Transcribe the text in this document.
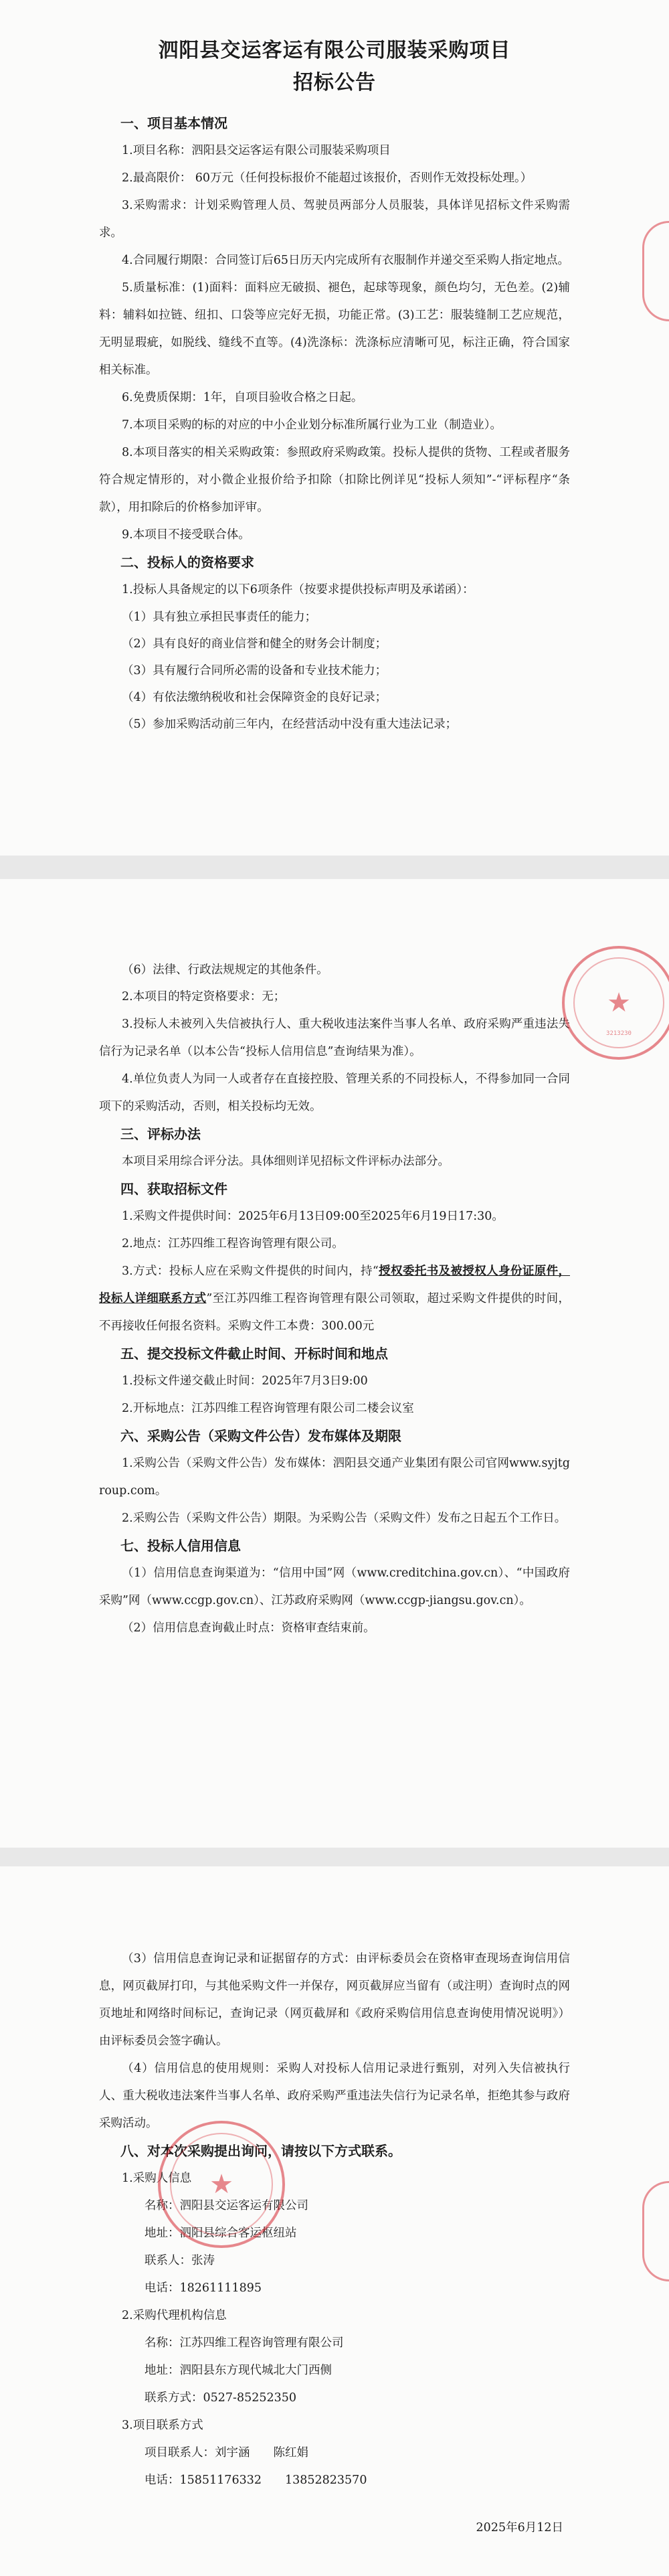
泗阳县交运客运有限公司服装采购项目
招标公告
一、项目基本情况

1.项目名称：泗阳县交运客运有限公司服装采购项目

2.最高限价： 60万元（任何投标报价不能超过该报价，否则作无效投标处理。）

3.采购需求：计划采购管理人员、驾驶员两部分人员服装，具体详见招标文件采购需求。

4.合同履行期限：合同签订后65日历天内完成所有衣服制作并递交至采购人指定地点。

5.质量标准：(1)面料：面料应无破损、褪色，起球等现象，颜色均匀，无色差。(2)辅料：辅料如拉链、纽扣、口袋等应完好无损，功能正常。(3)工艺：服装缝制工艺应规范，无明显瑕疵，如脱线、缝线不直等。(4)洗涤标：洗涤标应清晰可见，标注正确，符合国家相关标准。

6.免费质保期：1年，自项目验收合格之日起。

7.本项目采购的标的对应的中小企业划分标准所属行业为工业（制造业）。

8.本项目落实的相关采购政策：参照政府采购政策。投标人提供的货物、工程或者服务符合规定情形的，对小微企业报价给予扣除（扣除比例详见“投标人须知”-“评标程序“条款），用扣除后的价格参加评审。

9.本项目不接受联合体。

二、投标人的资格要求

1.投标人具备规定的以下6项条件（按要求提供投标声明及承诺函）：

（1）具有独立承担民事责任的能力；

（2）具有良好的商业信誉和健全的财务会计制度；

（3）具有履行合同所必需的设备和专业技术能力；

（4）有依法缴纳税收和社会保障资金的良好记录；

（5）参加采购活动前三年内，在经营活动中没有重大违法记录；

（6）法律、行政法规规定的其他条件。

2.本项目的特定资格要求：无；

3.投标人未被列入失信被执行人、重大税收违法案件当事人名单、政府采购严重违法失信行为记录名单（以本公告“投标人信用信息”查询结果为准）。

4.单位负责人为同一人或者存在直接控股、管理关系的不同投标人，不得参加同一合同项下的采购活动，否则，相关投标均无效。

三、评标办法

本项目采用综合评分法。具体细则详见招标文件评标办法部分。

四、获取招标文件

1.采购文件提供时间：2025年6月13日09:00至2025年6月19日17:30。

2.地点：江苏四维工程咨询管理有限公司。

3.方式：投标人应在采购文件提供的时间内，持“授权委托书及被授权人身份证原件，投标人详细联系方式”至江苏四维工程咨询管理有限公司领取，超过采购文件提供的时间，不再接收任何报名资料。采购文件工本费：300.00元

五、提交投标文件截止时间、开标时间和地点

1.投标文件递交截止时间：2025年7月3日9:00

2.开标地点：江苏四维工程咨询管理有限公司二楼会议室

六、采购公告（采购文件公告）发布媒体及期限

1.采购公告（采购文件公告）发布媒体：泗阳县交通产业集团有限公司官网www.syjtgroup.com。

2.采购公告（采购文件公告）期限。为采购公告（采购文件）发布之日起五个工作日。

七、投标人信用信息

（1）信用信息查询渠道为：“信用中国”网（www.creditchina.gov.cn）、“中国政府采购”网（www.ccgp.gov.cn）、江苏政府采购网（www.ccgp-jiangsu.gov.cn）。

（2）信用信息查询截止时点：资格审查结束前。

★
3213230

（3）信用信息查询记录和证据留存的方式：由评标委员会在资格审查现场查询信用信息，网页截屏打印，与其他采购文件一并保存，网页截屏应当留有（或注明）查询时点的网页地址和网络时间标记，查询记录（网页截屏和《政府采购信用信息查询使用情况说明》）由评标委员会签字确认。

（4）信用信息的使用规则：采购人对投标人信用记录进行甄别，对列入失信被执行人、重大税收违法案件当事人名单、政府采购严重违法失信行为记录名单，拒绝其参与政府采购活动。

八、对本次采购提出询问，请按以下方式联系。

1.采购人信息

名称：泗阳县交运客运有限公司

地址：泗阳县综合客运枢纽站

联系人：张涛

电话：18261111895

2.采购代理机构信息

名称：江苏四维工程咨询管理有限公司

地址：泗阳县东方现代城北大门西侧

联系方式：0527-85252350

3.项目联系方式

项目联系人：刘宇涵　　陈红娟

电话：15851176332　　13852823570

2025年6月12日

★
